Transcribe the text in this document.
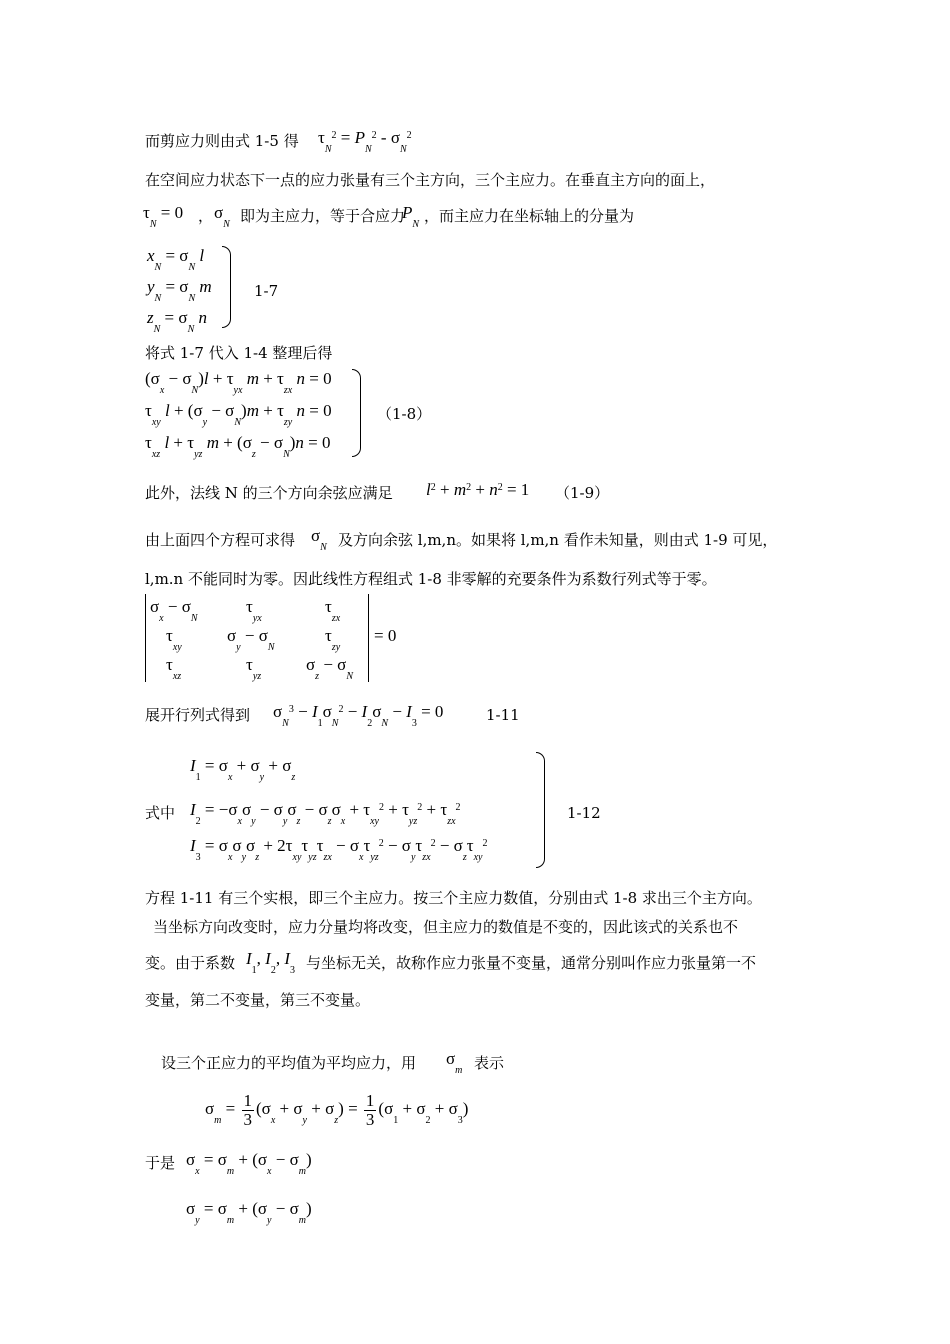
而剪应力则由式 1-5 得 $\tau_N^2 = P_N^2 - \sigma_N^2$
在空间应力状态下一点的应力张量有三个主方向，三个主应力。在垂直主方向的面上，
$\tau_N = 0$ ， $\sigma_N$ 即为主应力，等于合应力
$P_N$ ，而主应力在坐标轴上的分量为
$x_N = \sigma_N$ l
$y_N = \sigma_N$ m
$z_N = \sigma_N$ n
1-7
将式 1-7 代入 1-4 整理后得
$(\sigma_x - \sigma_N)l + \tau_{yx}$ $m + \tau_{zx}$ n = 0
$\tau_{xy}$ $l + (\sigma_y - \sigma_N)m + \tau_{zy}$ n = 0
$\tau_{xz}$ $l + \tau_{yz}$ $m + (\sigma_z - \sigma_N)n = 0$
（1-8）
此外，法线 N 的三个方向余弦应满足 $l^2 + m^2 + n^2 = 1$ （1-9）
由上面四个方程可求得 $\sigma_N$ 及方向余弦 l,m,n。如果将 l,m,n 看作未知量，则由式 1-9 可见，
l,m.n 不能同时为零。因此线性方程组式 1-8 非零解的充要条件为系数行列式等于零。
$\sigma_x - \sigma_N$
$\tau_{yx}$
$\tau_{zx}$
$\tau_{xy}$
$\sigma_y - \sigma_N$
$\tau_{zy}$
$\tau_{xz}$
$\tau_{yz}$
$\sigma_z - \sigma_N$
= 0
展开行列式得到 $\sigma_N^3 - I_1\sigma_N^2 - I_2\sigma_N - I_3 = 0$	1-11
$I_1 = \sigma_x + \sigma_y + \sigma_z$
式中 $I_2 = -\sigma_x\sigma_y - \sigma_y\sigma_z - \sigma_z\sigma_x + \tau_{xy}^2 + \tau_{yz}^2 + \tau_{zx}^2$
$I_3 = \sigma_x\sigma_y\sigma_z + 2\tau_{xy}\tau_{yz}\tau_{zx} - \sigma_x\tau_{yz}^2 - \sigma_y\tau_{zx}^2 - \sigma_z\tau_{xy}^2$
1-12
方程 1-11 有三个实根，即三个主应力。按三个主应力数值，分别由式 1-8 求出三个主方向。
当坐标方向改变时，应力分量均将改变，但主应力的数值是不变的，因此该式的关系也不
变。由于系数 $I_1$, $I_2$, $I_3$ 与坐标无关，故称作应力张量不变量，通常分别叫作应力张量第一不
变量，第二不变量，第三不变量。
设三个正应力的平均值为平均应力，用 $\sigma_m$ 表示
$\sigma_m = \frac{1}{3} (\sigma_x + \sigma_y + \sigma_z) = \frac{1}{3} (\sigma_1 + \sigma_2 + \sigma_3)$
于是 $\sigma_x = \sigma_m + (\sigma_x - \sigma_m)$
$\sigma_y = \sigma_m + (\sigma_y - \sigma_m)$
